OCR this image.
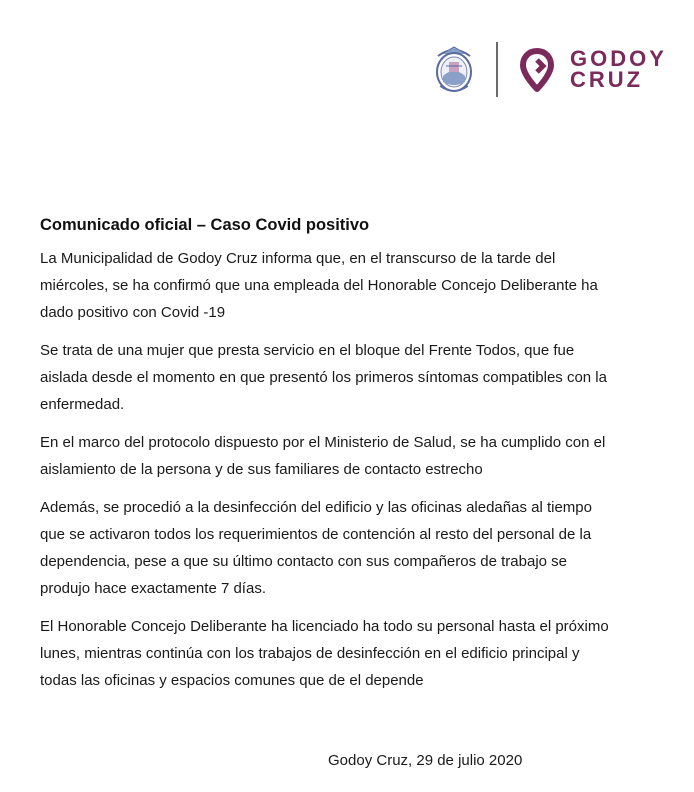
GODOY
CRUZ
Comunicado oficial – Caso Covid positivo

La Municipalidad de Godoy Cruz informa que, en el transcurso de la tarde del miércoles, se ha confirmó que una empleada del Honorable Concejo Deliberante ha dado positivo con Covid -19

Se trata de una mujer que presta servicio en el bloque del Frente Todos, que fue aislada desde el momento en que presentó los primeros síntomas compatibles con la enfermedad.

En el marco del protocolo dispuesto por el Ministerio de Salud, se ha cumplido con el aislamiento de la persona y de sus familiares de contacto estrecho

Además, se procedió a la desinfección del edificio y las oficinas aledañas al tiempo que se activaron todos los requerimientos de contención al resto del personal de la dependencia, pese a que su último contacto con sus compañeros de trabajo se produjo hace exactamente 7 días.

El Honorable Concejo Deliberante ha licenciado ha todo su personal hasta el próximo lunes, mientras continúa con los trabajos de desinfección en el edificio principal y todas las oficinas y espacios comunes que de el depende

Godoy Cruz, 29 de julio 2020
